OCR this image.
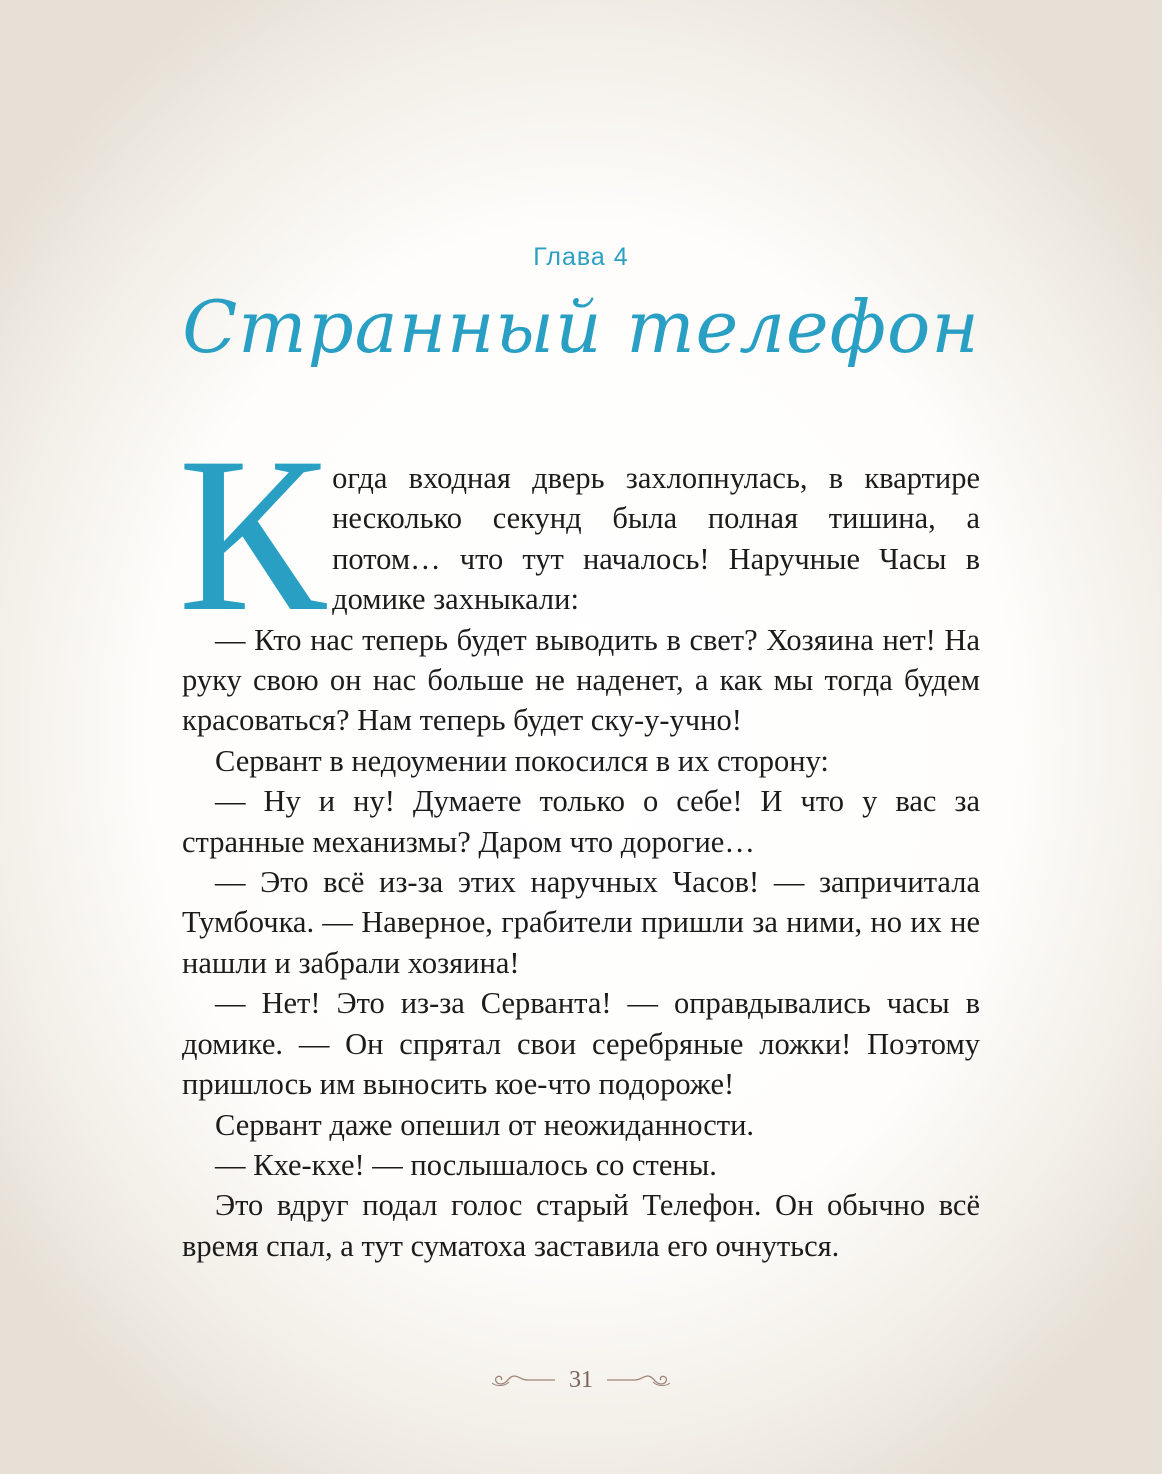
Глава 4
Странный телефон

Когда входная дверь захлопнулась, в квартире несколько секунд была полная тишина, а потом… что тут началось! Наручные Часы в домике захныкали:

— Кто нас теперь будет выводить в свет? Хозяина нет! На руку свою он нас больше не наденет, а как мы тогда будем красоваться? Нам теперь будет ску-у-учно!

Сервант в недоумении покосился в их сторону:

— Ну и ну! Думаете только о себе! И что у вас за странные механизмы? Даром что дорогие…

— Это всё из-за этих наручных Часов! — запричитала Тумбочка. — Наверное, грабители пришли за ними, но их не нашли и забрали хозяина!

— Нет! Это из-за Серванта! — оправдывались часы в домике. — Он спрятал свои серебряные ложки! Поэтому пришлось им выносить кое-что подороже!

Сервант даже опешил от неожиданности.

— Кхе-кхе! — послышалось со стены.

Это вдруг подал голос старый Телефон. Он обычно всё время спал, а тут суматоха заставила его очнуться.

31
